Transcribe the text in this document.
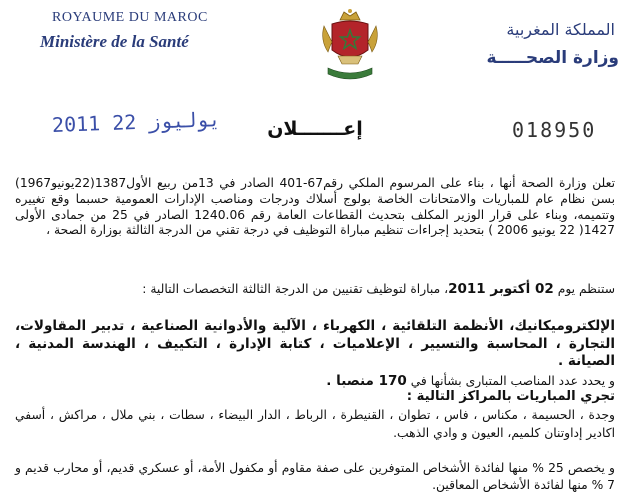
ROYAUME DU MAROC
Ministère de la Santé
المملكة المغربية
وزارة الصحـــــة
2011 يوليوز 22	إعـــــــلان	018950

تعلن وزارة الصحة أنها ، بناء على المرسوم الملكي رقم67-401 الصادر في 13من ربيع الأول1387(22يونيو1967) بسن نظام عام للمباريات والامتحانات الخاصة بولوج أسلاك ودرجات ومناصب الإدارات العمومية حسبما وقع تغييره وتتميمه، وبناء على قرار الوزير المكلف بتحديث القطاعات العامة رقم 1240.06 الصادر في 25 من جمادى الأولى 1427( 22 يونيو 2006 ) بتحديد إجراءات تنظيم مباراة التوظيف في درجة تقني من الدرجة الثالثة بوزارة الصحة ،

ستنظم يوم 02 أكتوبر 2011، مباراة لتوظيف تقنيين من الدرجة الثالثة التخصصات التالية :

الإلكتروميكانيك، الأنظمة التلقائية ، الكهرباء ، الآلية والأدوانية الصناعية ، تدبير المقاولات، التجارة ، المحاسبة والتسيير ، الإعلاميات ، كتابة الإدارة ، التكييف ، الهندسة المدنية ، الصيانة .

و يحدد عدد المناصب المتبارى بشأنها في 170 منصبا .

تجري المباريات بالمراكز التالية :

وجدة ، الحسيمة ، مكناس ، فاس ، تطوان ، القنيطرة ، الرباط ، الدار البيضاء ، سطات ، بني ملال ، مراكش ، أسفي اكادير إداوتنان كلميم، العيون و وادي الذهب.

و يخصص 25 % منها لفائدة الأشخاص المتوفرين على صفة مقاوم أو مكفول الأمة، أو عسكري قديم، أو محارب قديم و 7 % منها لفائدة الأشخاص المعاقين.
